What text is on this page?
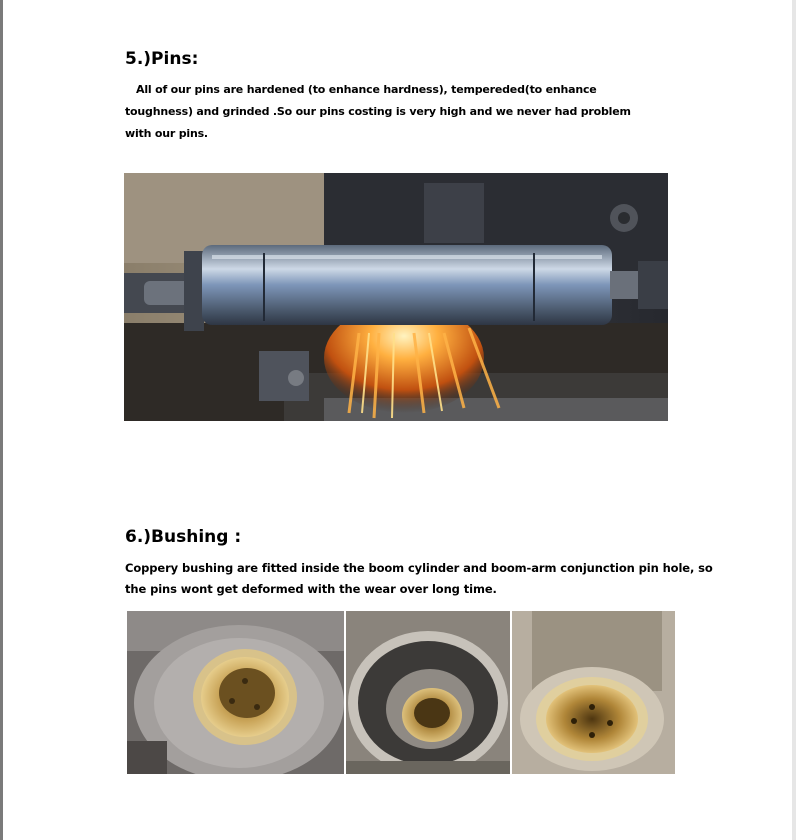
5.)Pins:

All of our pins are hardened (to enhance hardness), tempereded(to enhance

toughness) and grinded .So our pins costing is very high and we never had problem

with our pins.

6.)Bushing :

Coppery bushing are fitted inside the boom cylinder and boom-arm conjunction pin hole, so

the pins wont get deformed with the wear over long time.
